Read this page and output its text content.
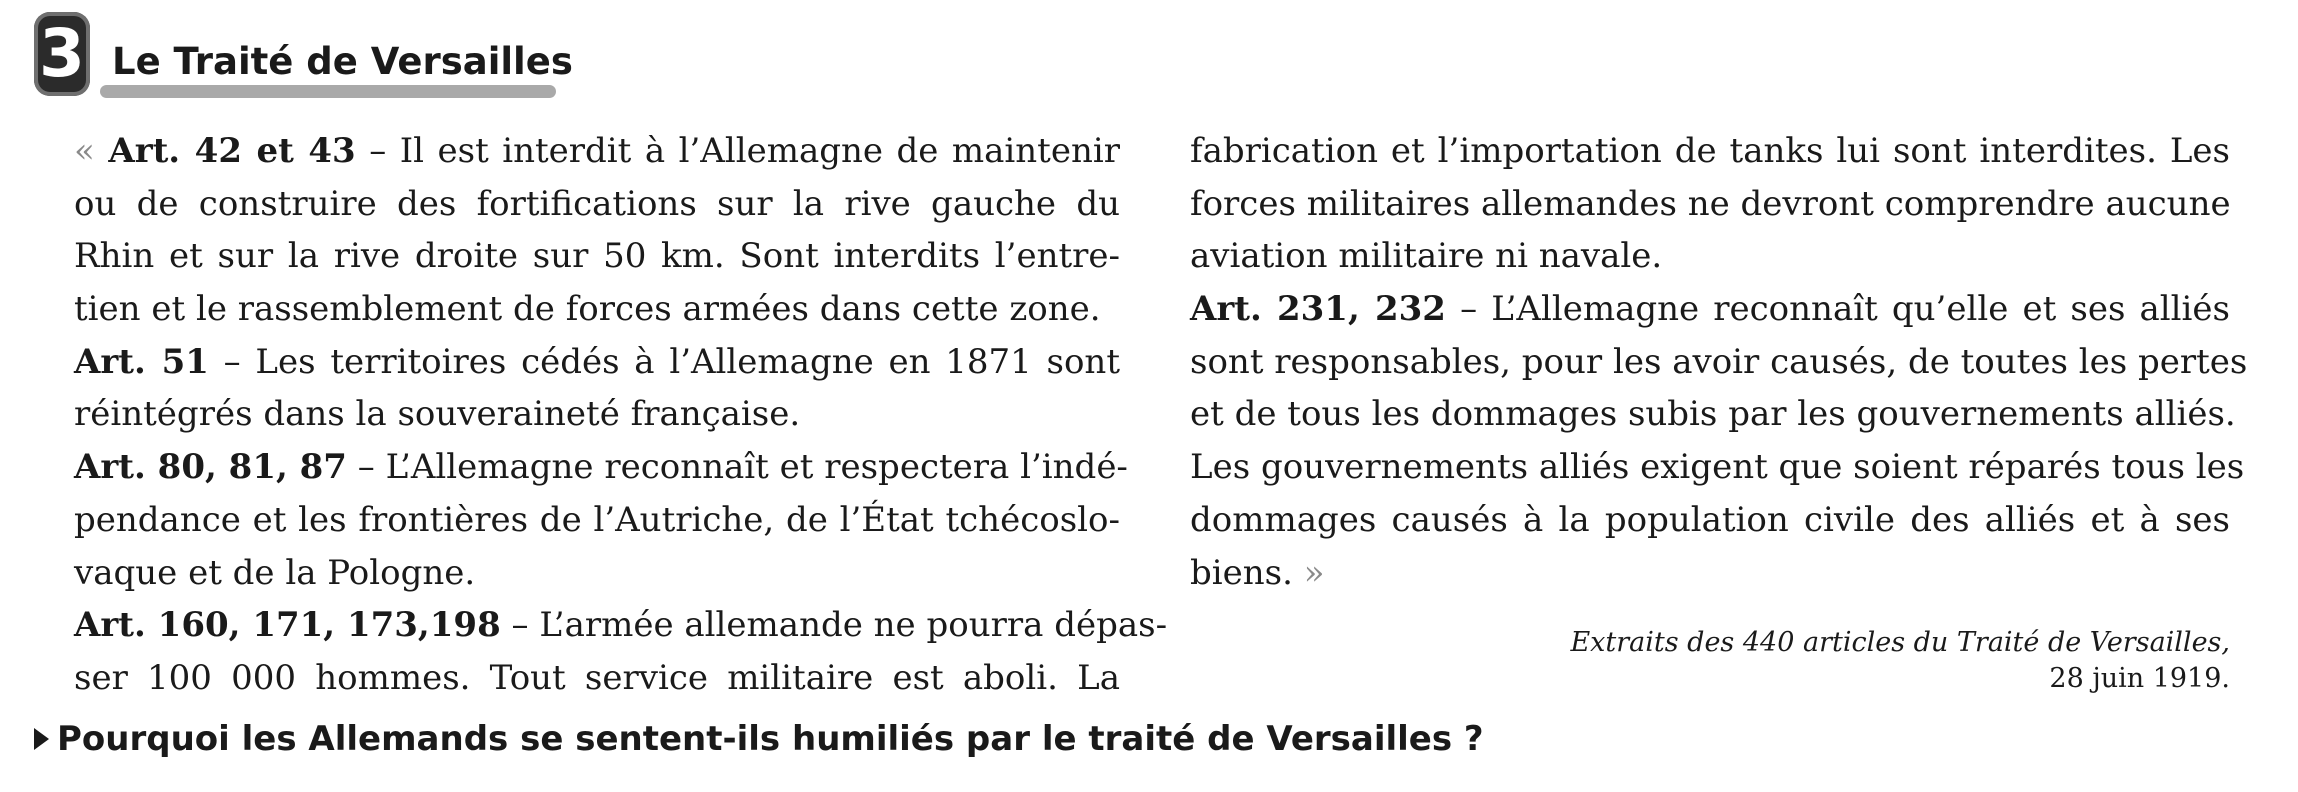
3 Le Traité de Versailles
« Art. 42 et 43 – Il est interdit à l’Allemagne de maintenir
ou de construire des fortifications sur la rive gauche du
Rhin et sur la rive droite sur 50 km. Sont interdits l’entre-
tien et le rassemblement de forces armées dans cette zone.
Art. 51 – Les territoires cédés à l’Allemagne en 1871 sont
réintégrés dans la souveraineté française.
Art. 80, 81, 87 – L’Allemagne reconnaît et respectera l’indé-
pendance et les frontières de l’Autriche, de l’État tchécoslo-
vaque et de la Pologne.
Art. 160, 171, 173,198 – L’armée allemande ne pourra dépas-
ser 100 000 hommes. Tout service militaire est aboli. La
fabrication et l’importation de tanks lui sont interdites. Les
forces militaires allemandes ne devront comprendre aucune
aviation militaire ni navale.
Art. 231, 232 – L’Allemagne reconnaît qu’elle et ses alliés
sont responsables, pour les avoir causés, de toutes les pertes
et de tous les dommages subis par les gouvernements alliés.
Les gouvernements alliés exigent que soient réparés tous les
dommages causés à la population civile des alliés et à ses
biens. »
Extraits des 440 articles du Traité de Versailles,
28 juin 1919.
Pourquoi les Allemands se sentent-ils humiliés par le traité de Versailles ?
